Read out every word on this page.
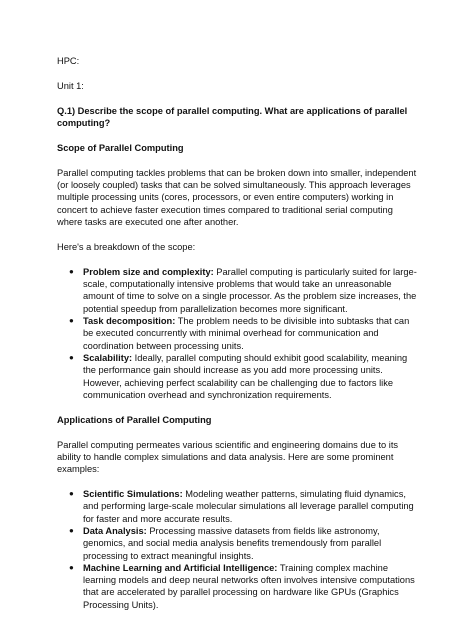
HPC:

Unit 1:

Q.1) Describe the scope of parallel computing. What are applications of parallel computing?

Scope of Parallel Computing

Parallel computing tackles problems that can be broken down into smaller, independent (or loosely coupled) tasks that can be solved simultaneously. This approach leverages multiple processing units (cores, processors, or even entire computers) working in concert to achieve faster execution times compared to traditional serial computing where tasks are executed one after another.

Here's a breakdown of the scope:

● Problem size and complexity: Parallel computing is particularly suited for large-scale, computationally intensive problems that would take an unreasonable amount of time to solve on a single processor. As the problem size increases, the potential speedup from parallelization becomes more significant.
● Task decomposition: The problem needs to be divisible into subtasks that can be executed concurrently with minimal overhead for communication and coordination between processing units.
● Scalability: Ideally, parallel computing should exhibit good scalability, meaning the performance gain should increase as you add more processing units. However, achieving perfect scalability can be challenging due to factors like communication overhead and synchronization requirements.

Applications of Parallel Computing

Parallel computing permeates various scientific and engineering domains due to its ability to handle complex simulations and data analysis. Here are some prominent examples:

● Scientific Simulations: Modeling weather patterns, simulating fluid dynamics, and performing large-scale molecular simulations all leverage parallel computing for faster and more accurate results.
● Data Analysis: Processing massive datasets from fields like astronomy, genomics, and social media analysis benefits tremendously from parallel processing to extract meaningful insights.
● Machine Learning and Artificial Intelligence: Training complex machine learning models and deep neural networks often involves intensive computations that are accelerated by parallel processing on hardware like GPUs (Graphics Processing Units).
